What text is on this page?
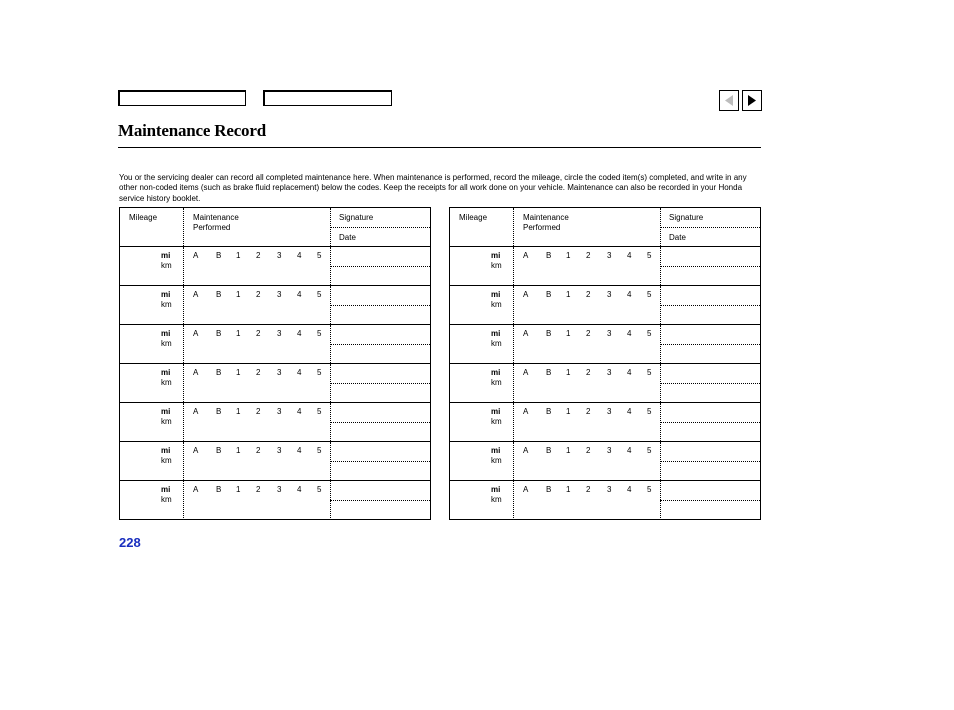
Maintenance Record

You or the servicing dealer can record all completed maintenance here. When maintenance is performed, record the mileage, circle the coded item(s) completed, and write in any other non-coded items (such as brake fluid replacement) below the codes. Keep the receipts for all work done on your vehicle. Maintenance can also be recorded in your Honda service history booklet.

Mileage	Maintenance Performed
Signature
Date
mi
km
A B 1 2 3 4 5
mi
km
A B 1 2 3 4 5
mi
km
A B 1 2 3 4 5
mi
km
A B 1 2 3 4 5
mi
km
A B 1 2 3 4 5
mi
km
A B 1 2 3 4 5
mi
km
A B 1 2 3 4 5
Mileage	Maintenance Performed
Signature
Date
mi
km
A B 1 2 3 4 5
mi
km
A B 1 2 3 4 5
mi
km
A B 1 2 3 4 5
mi
km
A B 1 2 3 4 5
mi
km
A B 1 2 3 4 5
mi
km
A B 1 2 3 4 5
mi
km
A B 1 2 3 4 5

228
